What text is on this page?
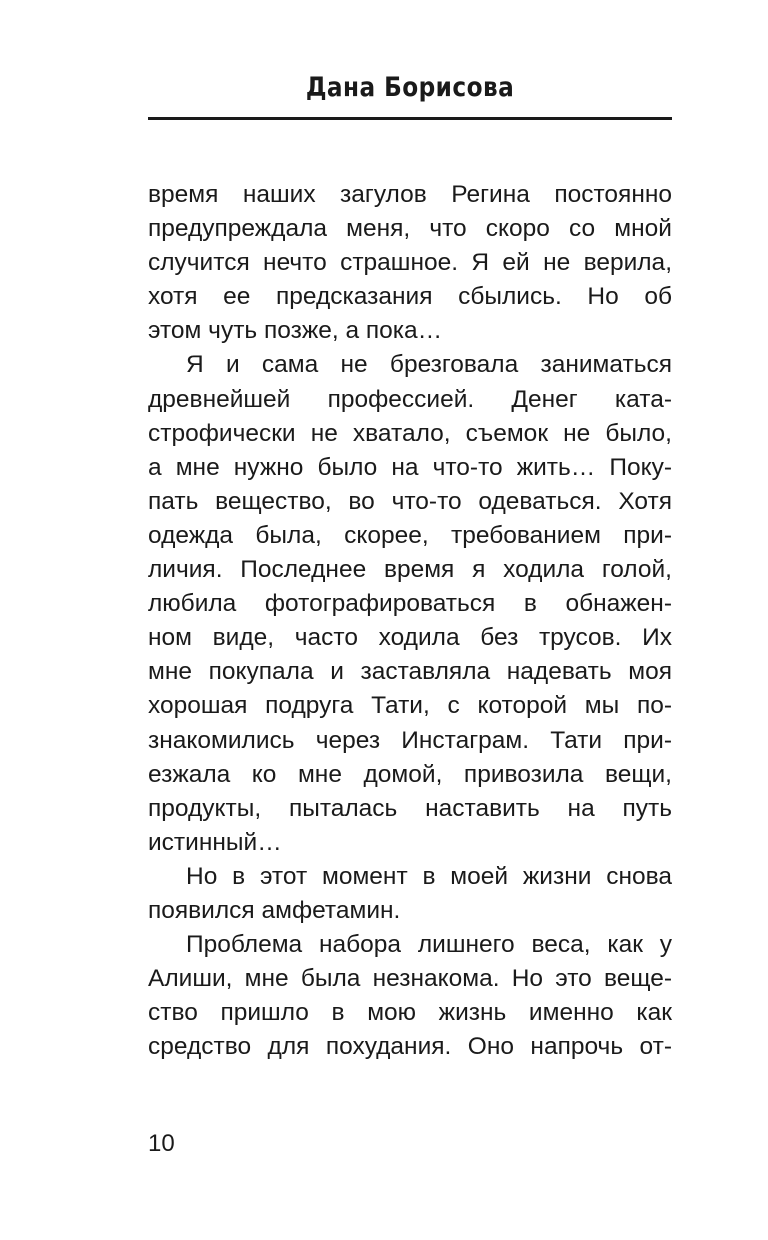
Дана Борисова
время наших загулов Регина постоянно
предупреждала меня, что скоро со мной
случится нечто страшное. Я ей не верила,
хотя ее предсказания сбылись. Но об
этом чуть позже, а пока…
Я и сама не брезговала заниматься
древнейшей профессией. Денег ката-
строфически не хватало, съемок не было,
а мне нужно было на что-то жить… Поку-
пать вещество, во что-то одеваться. Хотя
одежда была, скорее, требованием при-
личия. Последнее время я ходила голой,
любила фотографироваться в обнажен-
ном виде, часто ходила без трусов. Их
мне покупала и заставляла надевать моя
хорошая подруга Тати, с которой мы по-
знакомились через Инстаграм. Тати при-
езжала ко мне домой, привозила вещи,
продукты, пыталась наставить на путь
истинный…
Но в этот момент в моей жизни снова
появился амфетамин.
Проблема набора лишнего веса, как у
Алиши, мне была незнакома. Но это веще-
ство пришло в мою жизнь именно как
средство для похудания. Оно напрочь от-
10
